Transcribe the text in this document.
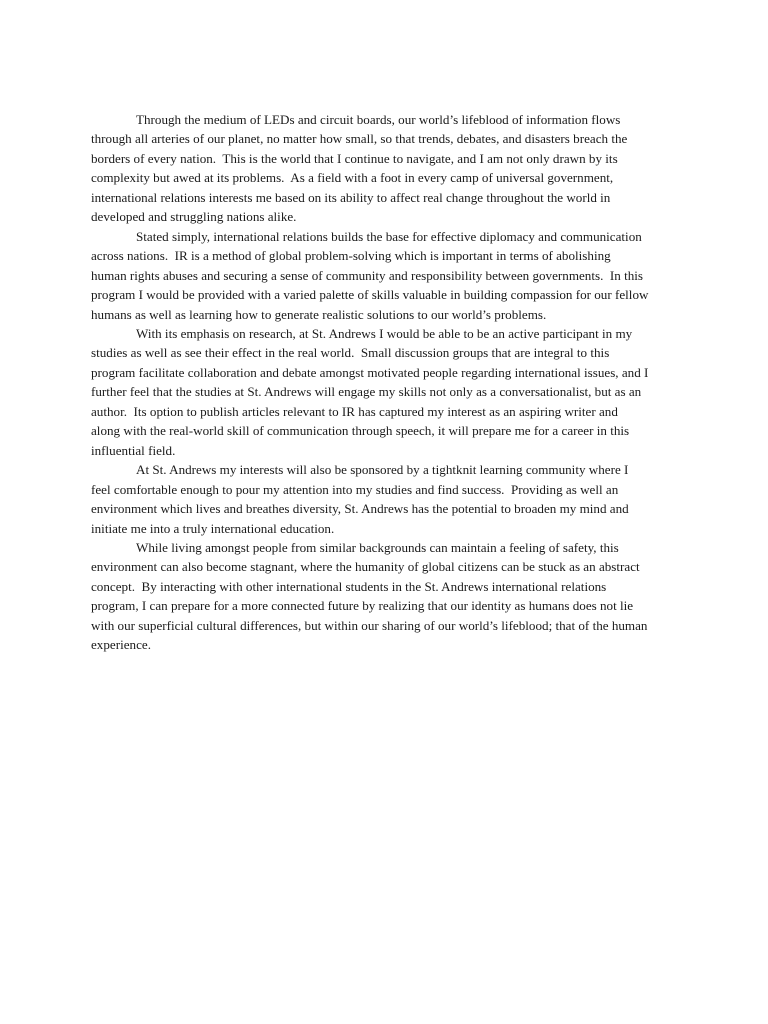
Through the medium of LEDs and circuit boards, our world’s lifeblood of information flows
through all arteries of our planet, no matter how small, so that trends, debates, and disasters breach the
borders of every nation.  This is the world that I continue to navigate, and I am not only drawn by its
complexity but awed at its problems.  As a field with a foot in every camp of universal government,
international relations interests me based on its ability to affect real change throughout the world in
developed and struggling nations alike.
Stated simply, international relations builds the base for effective diplomacy and communication
across nations.  IR is a method of global problem-solving which is important in terms of abolishing
human rights abuses and securing a sense of community and responsibility between governments.  In this
program I would be provided with a varied palette of skills valuable in building compassion for our fellow
humans as well as learning how to generate realistic solutions to our world’s problems.
With its emphasis on research, at St. Andrews I would be able to be an active participant in my
studies as well as see their effect in the real world.  Small discussion groups that are integral to this
program facilitate collaboration and debate amongst motivated people regarding international issues, and I
further feel that the studies at St. Andrews will engage my skills not only as a conversationalist, but as an
author.  Its option to publish articles relevant to IR has captured my interest as an aspiring writer and
along with the real-world skill of communication through speech, it will prepare me for a career in this
influential field.
At St. Andrews my interests will also be sponsored by a tightknit learning community where I
feel comfortable enough to pour my attention into my studies and find success.  Providing as well an
environment which lives and breathes diversity, St. Andrews has the potential to broaden my mind and
initiate me into a truly international education.
While living amongst people from similar backgrounds can maintain a feeling of safety, this
environment can also become stagnant, where the humanity of global citizens can be stuck as an abstract
concept.  By interacting with other international students in the St. Andrews international relations
program, I can prepare for a more connected future by realizing that our identity as humans does not lie
with our superficial cultural differences, but within our sharing of our world’s lifeblood; that of the human
experience.
